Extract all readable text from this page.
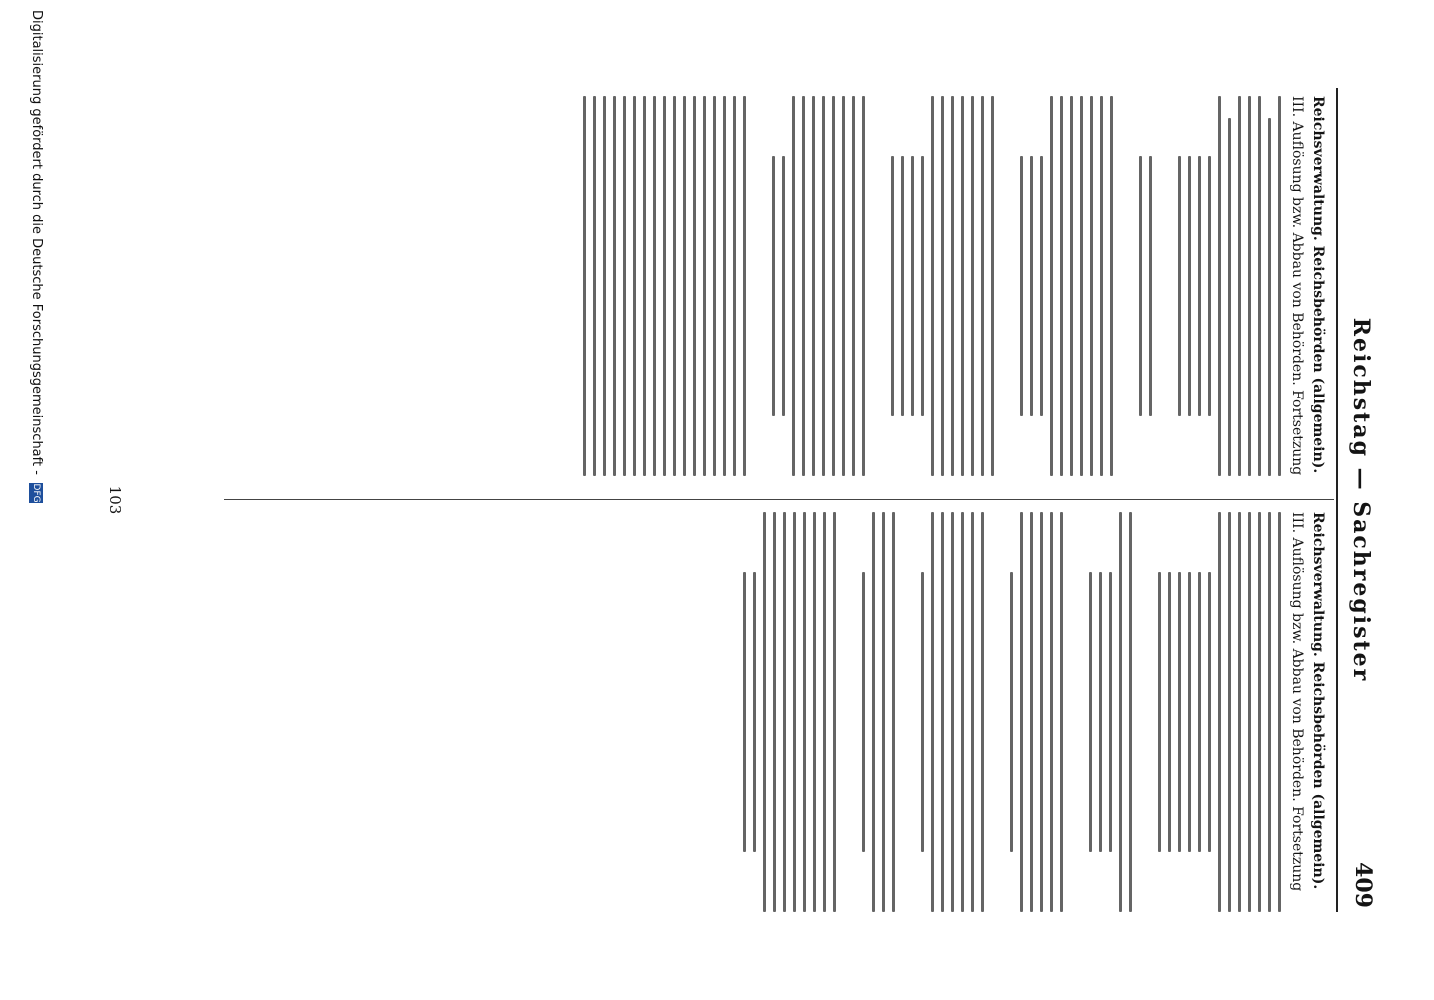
Reichstag — Sachregister
409

Reichsverwaltung. Reichsbehörden (allgemein).

III. Auflösung bzw. Abbau von Behörden. Fortsetzung

Reichsverwaltung. Reichsbehörden (allgemein).

III. Auflösung bzw. Abbau von Behörden. Fortsetzung

103
Digitalisierung gefördert durch die Deutsche Forschungsgemeinschaft - DFG
